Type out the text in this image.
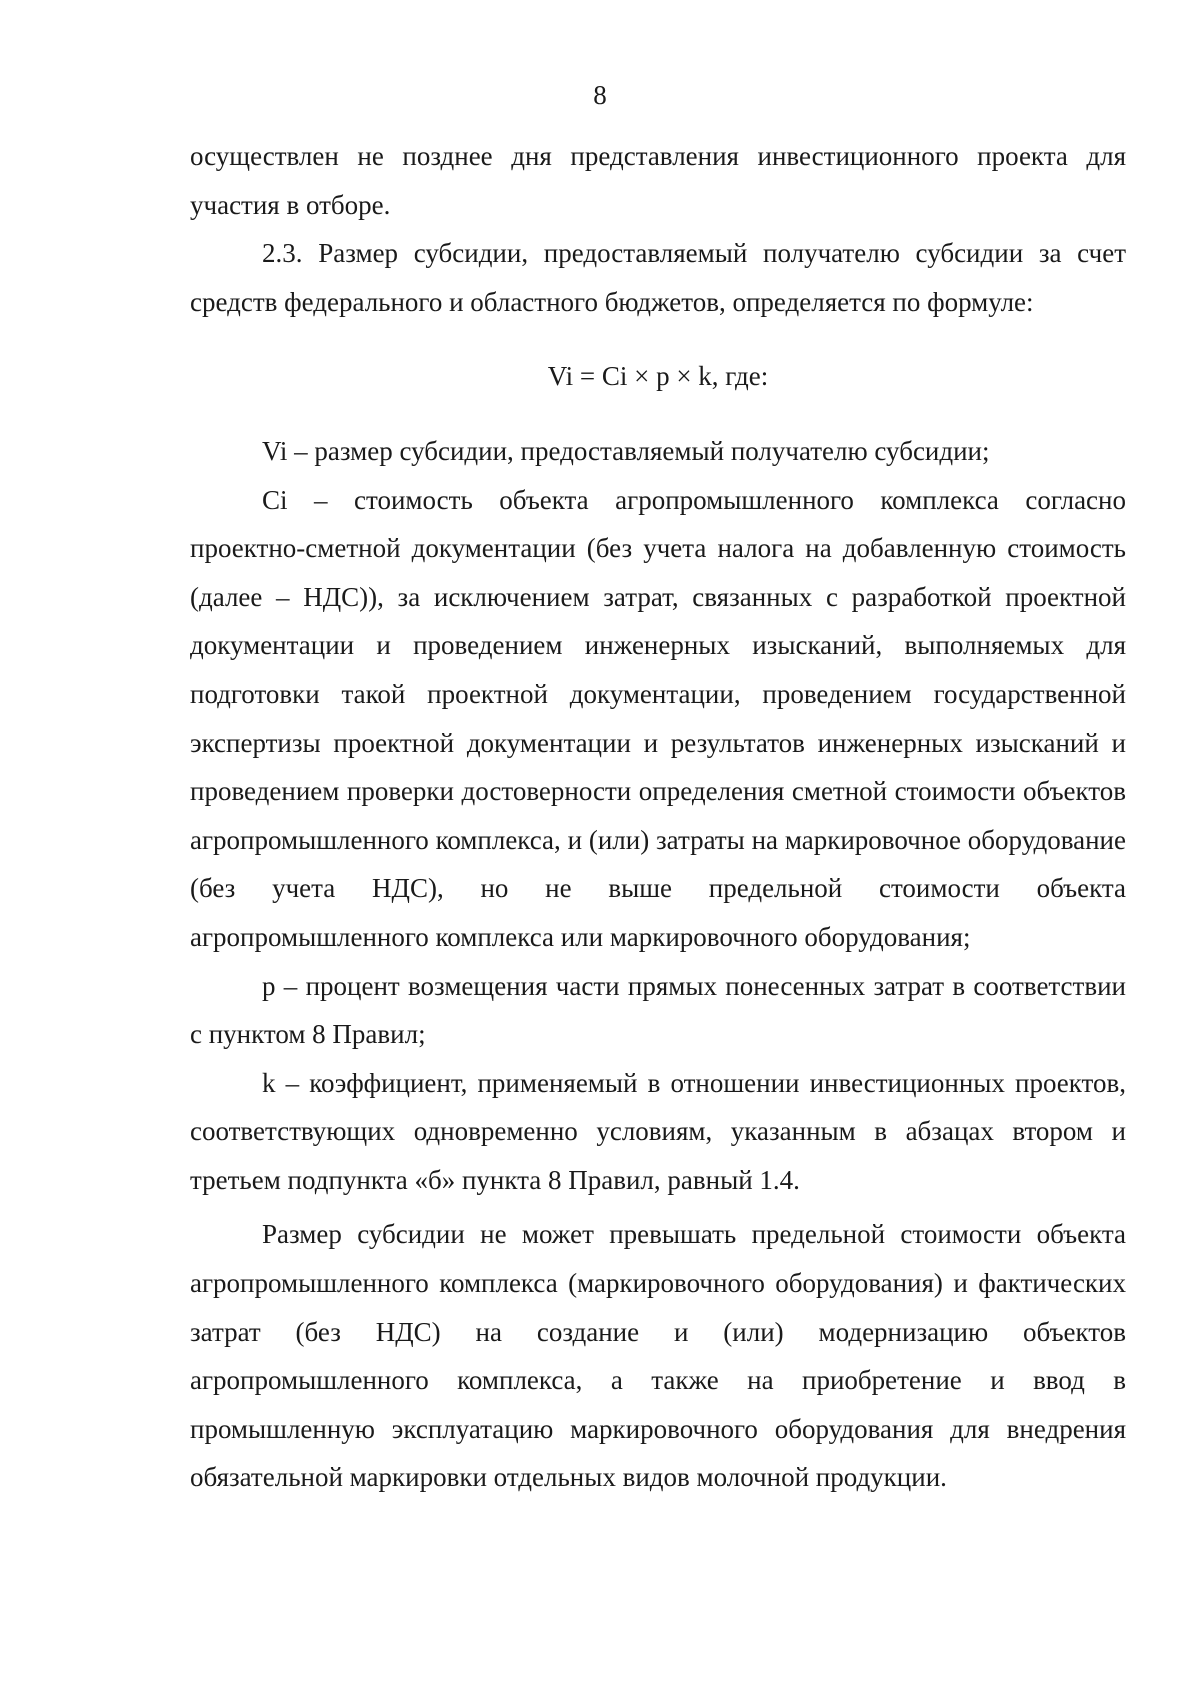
8

осуществлен не позднее дня представления инвестиционного проекта для участия в отборе.

2.3. Размер субсидии, предоставляемый получателю субсидии за счет средств федерального и областного бюджетов, определяется по формуле:

Vi = Ci × p × k, где:

Vi – размер субсидии, предоставляемый получателю субсидии;

Ci – стоимость объекта агропромышленного комплекса согласно проектно-сметной документации (без учета налога на добавленную стоимость (далее – НДС)), за исключением затрат, связанных с разработкой проектной документации и проведением инженерных изысканий, выполняемых для подготовки такой проектной документации, проведением государственной экспертизы проектной документации и результатов инженерных изысканий и проведением проверки достоверности определения сметной стоимости объектов агропромышленного комплекса, и (или) затраты на маркировочное оборудование (без учета НДС), но не выше предельной стоимости объекта агропромышленного комплекса или маркировочного оборудования;

p – процент возмещения части прямых понесенных затрат в соответствии с пунктом 8 Правил;

k – коэффициент, применяемый в отношении инвестиционных проектов, соответствующих одновременно условиям, указанным в абзацах втором и третьем подпункта «б» пункта 8 Правил, равный 1.4.

Размер субсидии не может превышать предельной стоимости объекта агропромышленного комплекса (маркировочного оборудования) и фактических затрат (без НДС) на создание и (или) модернизацию объектов агропромышленного комплекса, а также на приобретение и ввод в промышленную эксплуатацию маркировочного оборудования для внедрения обязательной маркировки отдельных видов молочной продукции.
